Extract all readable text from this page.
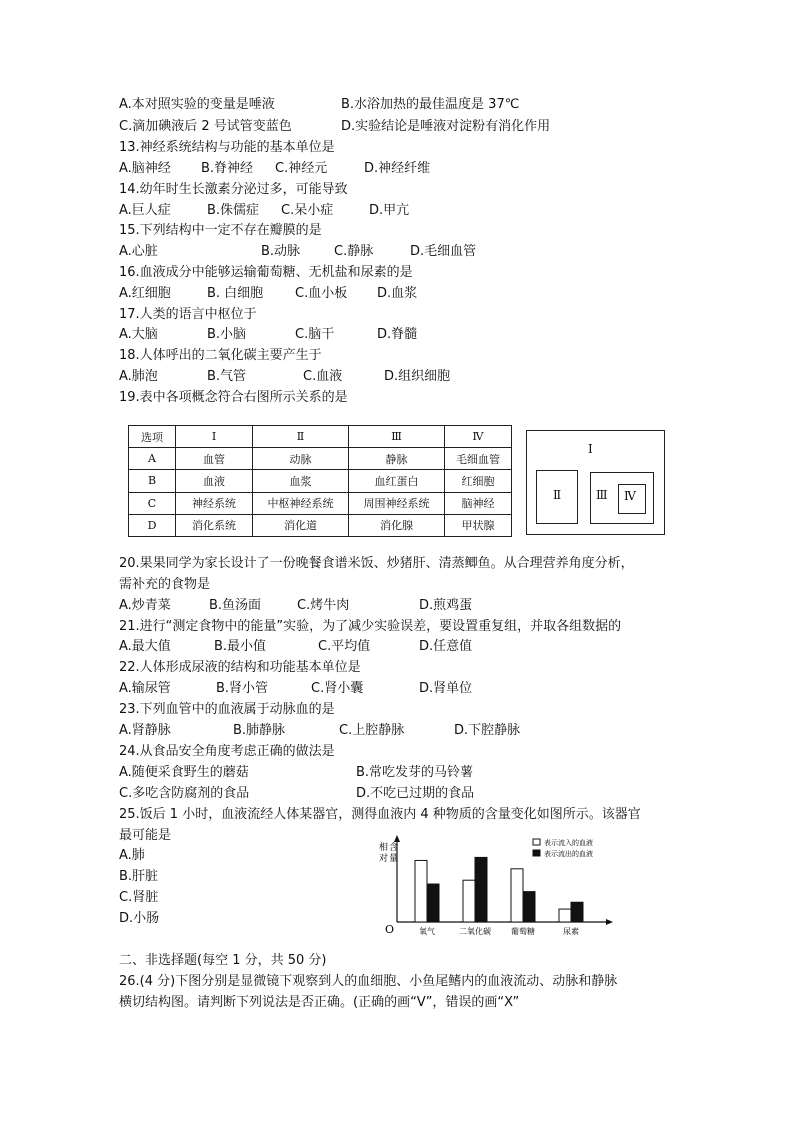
A.本对照实验的变量是唾液	B.水浴加热的最佳温度是 37℃
C.滴加碘液后 2 号试管变蓝色	D.实验结论是唾液对淀粉有消化作用
13.神经系统结构与功能的基本单位是
A.脑神经 B.脊神经 C.神经元	D.神经纤维
14.幼年时生长激素分泌过多，可能导致
A.巨人症	B.侏儒症 C.呆小症	D.甲亢
15.下列结构中一定不存在瓣膜的是
A.心脏	B.动脉	C.静脉	D.毛细血管
16.血液成分中能够运输葡萄糖、无机盐和尿素的是
A.红细胞	B. 白细胞 C.血小板 D.血浆
17.人类的语言中枢位于
A.大脑	B.小脑	C.脑干	D.脊髓
18.人体呼出的二氧化碳主要产生于
A.肺泡	B.气管	C.血液	D.组织细胞
19.表中各项概念符合右图所示关系的是
选项	Ⅰ	Ⅱ	Ⅲ	Ⅳ
A	血管	动脉	静脉	毛细血管
B	血液	血浆	血红蛋白	红细胞
C	神经系统	中枢神经系统	周围神经系统	脑神经
D	消化系统	消化道	消化腺	甲状腺
Ⅰ
Ⅱ	Ⅲ Ⅳ
20.果果同学为家长设计了一份晚餐食谱米饭、炒猪肝、清蒸鲫鱼。从合理营养角度分析，
需补充的食物是
A.炒青菜	B.鱼汤面	C.烤牛肉	D.煎鸡蛋
21.进行“测定食物中的能量”实验，为了减少实验误差，要设置重复组，并取各组数据的
A.最大值	B.最小值	C.平均值	D.任意值
22.人体形成尿液的结构和功能基本单位是
A.输尿管	B.肾小管	C.肾小囊	D.肾单位
23.下列血管中的血液属于动脉血的是
A.肾静脉	B.肺静脉	C.上腔静脉	D.下腔静脉
24.从食品安全角度考虑正确的做法是
A.随便采食野生的蘑菇	B.常吃发芽的马铃薯
C.多吃含防腐剂的食品	D.不吃已过期的食品
25.饭后 1 小时，血液流经人体某器官，测得血液内 4 种物质的含量变化如图所示。该器官
最可能是
A.肺
B.肝脏
C.肾脏
D.小肠
O
相
对
含
量
氧气	二氧化碳	葡萄糖	尿素
表示流入的血液
表示流出的血液
二、非选择题(每空 1 分，共 50 分)
26.(4 分)下图分别是显微镜下观察到人的血细胞、小鱼尾鳍内的血液流动、动脉和静脉
横切结构图。请判断下列说法是否正确。(正确的画“V”，错误的画“X”
